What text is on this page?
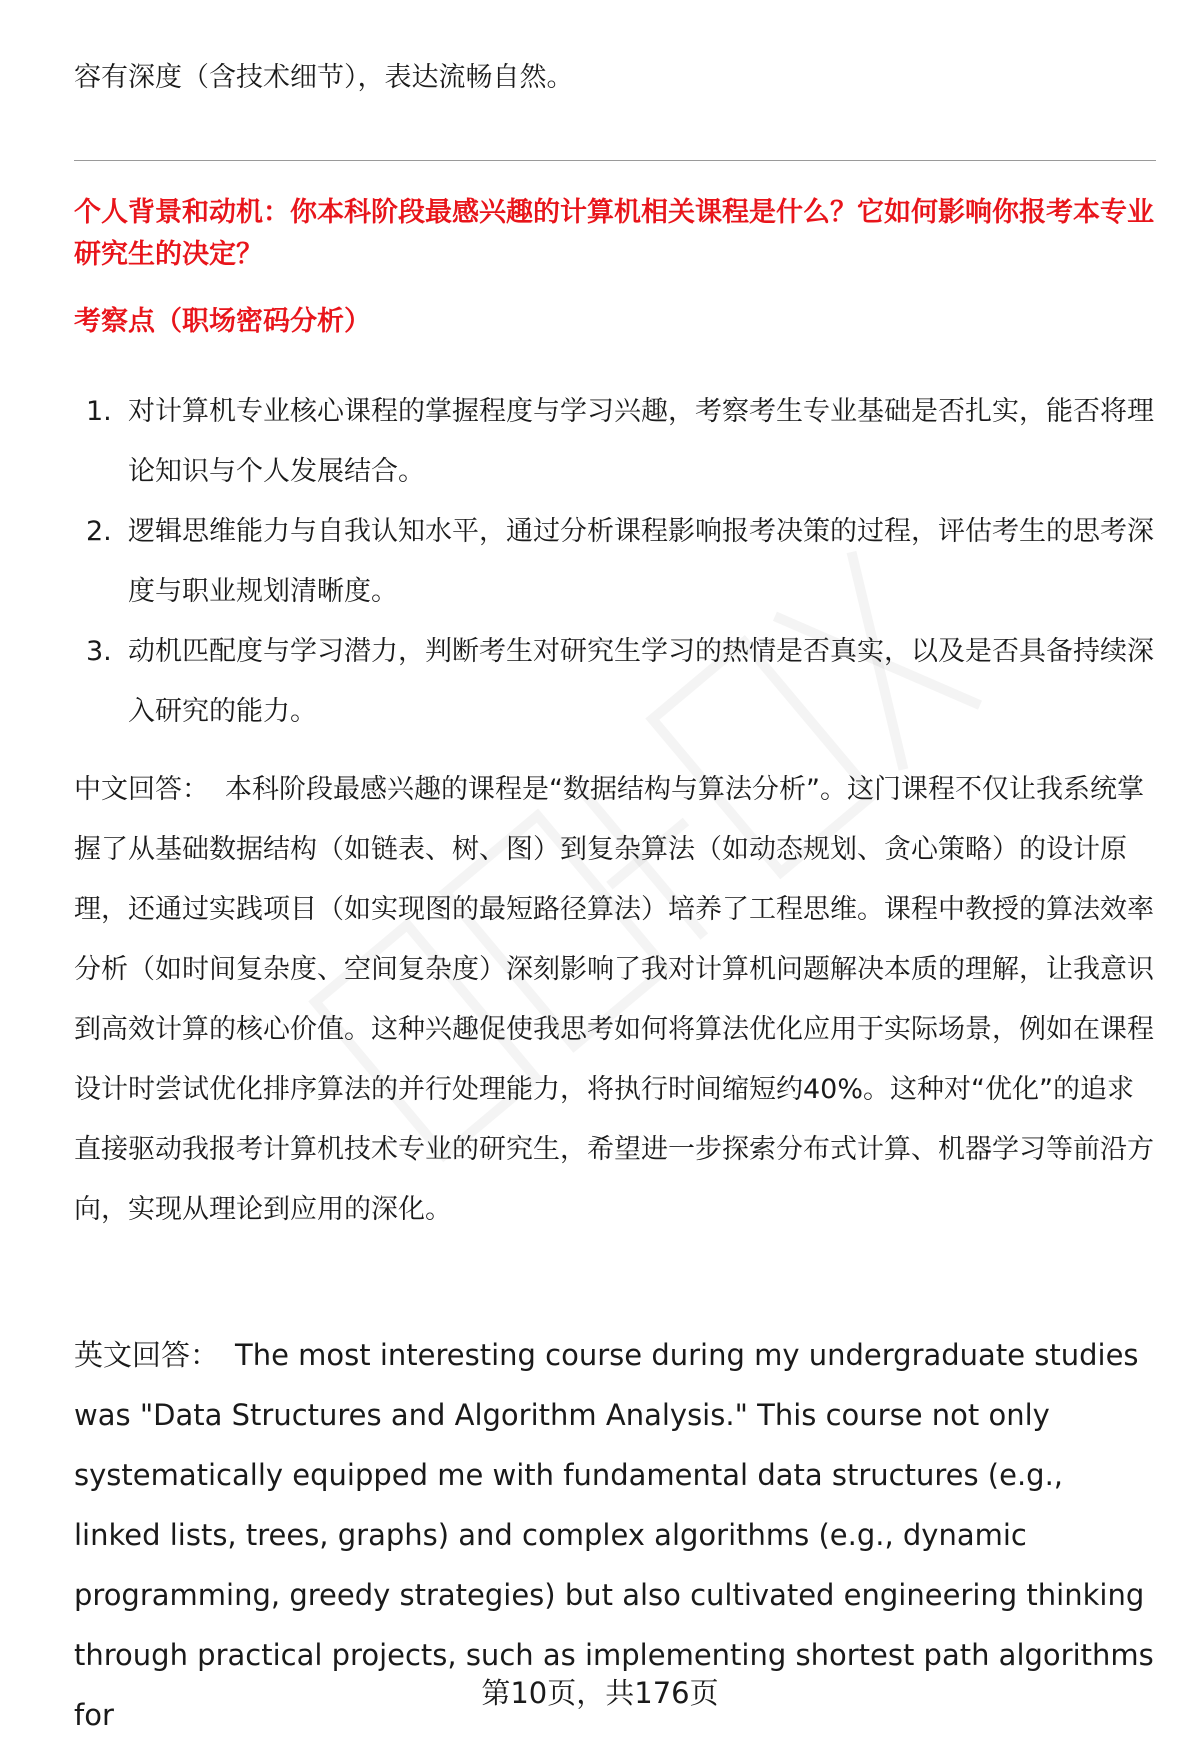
容有深度（含技术细节），表达流畅自然。
个人背景和动机：你本科阶段最感兴趣的计算机相关课程是什么？它如何影响你报考本专业研究生的决定？
考察点（职场密码分析）
1. 对计算机专业核心课程的掌握程度与学习兴趣，考察考生专业基础是否扎实，能否将理论知识与个人发展结合。
2. 逻辑思维能力与自我认知水平，通过分析课程影响报考决策的过程，评估考生的思考深度与职业规划清晰度。
3. 动机匹配度与学习潜力，判断考生对研究生学习的热情是否真实，以及是否具备持续深入研究的能力。

中文回答： 本科阶段最感兴趣的课程是“数据结构与算法分析”。这门课程不仅让我系统掌握了从基础数据结构（如链表、树、图）到复杂算法（如动态规划、贪心策略）的设计原理，还通过实践项目（如实现图的最短路径算法）培养了工程思维。课程中教授的算法效率分析（如时间复杂度、空间复杂度）深刻影响了我对计算机问题解决本质的理解，让我意识到高效计算的核心价值。这种兴趣促使我思考如何将算法优化应用于实际场景，例如在课程设计时尝试优化排序算法的并行处理能力，将执行时间缩短约40%。这种对“优化”的追求直接驱动我报考计算机技术专业的研究生，希望进一步探索分布式计算、机器学习等前沿方向，实现从理论到应用的深化。

英文回答： The most interesting course during my undergraduate studies was "Data Structures and Algorithm Analysis." This course not only systematically equipped me with fundamental data structures (e.g., linked lists, trees, graphs) and complex algorithms (e.g., dynamic programming, greedy strategies) but also cultivated engineering thinking through practical projects, such as implementing shortest path algorithms for

第10页，共176页
